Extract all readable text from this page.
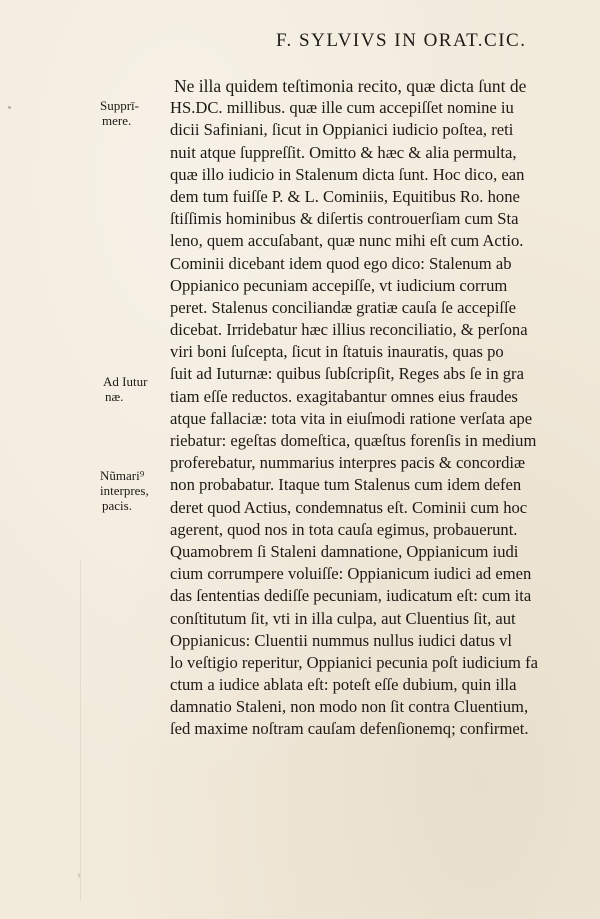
F. SYLVIVS IN ORAT.CIC.
Supprī-
mere.
Ad Iutur
næ.
Nũmari⁹
interpres,
pacis.
Ne illa quidem teſtimonia recito, quæ dicta ſunt de
HS.DC. millibus. quæ ille cum accepiſſet nomine iu
dicii Safiniani, ſicut in Oppianici iudicio poſtea, reti
nuit atque ſuppreſſit. Omitto & hæc & alia permulta,
quæ illo iudicio in Stalenum dicta ſunt. Hoc dico, ean
dem tum fuiſſe P. & L. Cominiis, Equitibus Ro. hone
ſtiſſimis hominibus & diſertis controuerſiam cum Sta
leno, quem accuſabant, quæ nunc mihi eſt cum Actio.
Cominii dicebant idem quod ego dico: Stalenum ab
Oppianico pecuniam accepiſſe, vt iudicium corrum
peret. Stalenus conciliandæ gratiæ cauſa ſe accepiſſe
dicebat. Irridebatur hæc illius reconciliatio, & perſona
viri boni ſuſcepta, ſicut in ſtatuis inauratis, quas po
ſuit ad Iuturnæ: quibus ſubſcripſit, Reges abs ſe in gra
tiam eſſe reductos. exagitabantur omnes eius fraudes
atque fallaciæ: tota vita in eiuſmodi ratione verſata ape
riebatur: egeſtas domeſtica, quæſtus forenſis in medium
proferebatur, nummarius interpres pacis & concordiæ
non probabatur. Itaque tum Stalenus cum idem defen
deret quod Actius, condemnatus eſt. Cominii cum hoc
agerent, quod nos in tota cauſa egimus, probauerunt.
Quamobrem ſi Staleni damnatione, Oppianicum iudi
cium corrumpere voluiſſe: Oppianicum iudici ad emen
das ſententias dediſſe pecuniam, iudicatum eſt: cum ita
conſtitutum ſit, vti in illa culpa, aut Cluentius ſit, aut
Oppianicus: Cluentii nummus nullus iudici datus vl
lo veſtigio reperitur, Oppianici pecunia poſt iudicium fa
ctum a iudice ablata eſt: poteſt eſſe dubium, quin illa
damnatio Staleni, non modo non ſit contra Cluentium,
ſed maxime noſtram cauſam defenſionemq; confirmet.
